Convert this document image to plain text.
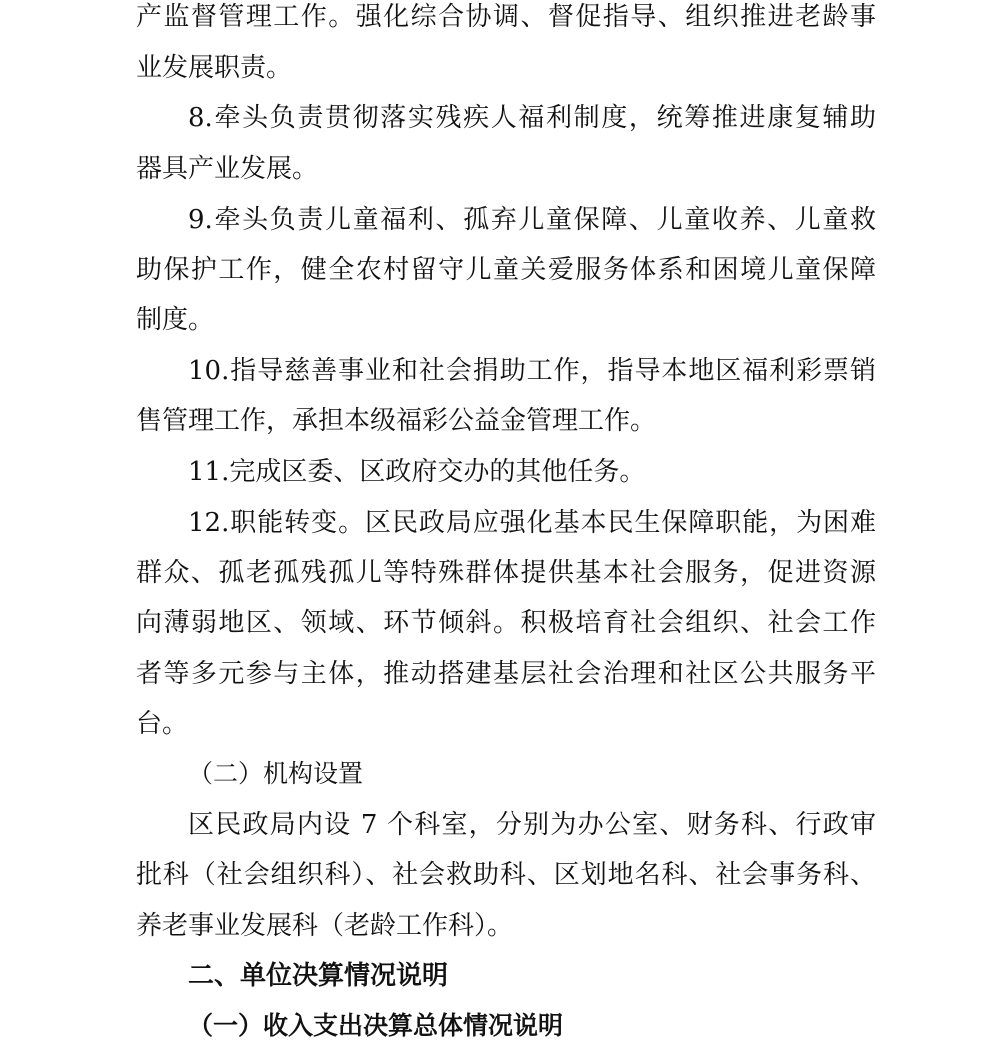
产监督管理工作。强化综合协调、督促指导、组织推进老龄事
业发展职责。
8.牵头负责贯彻落实残疾人福利制度，统筹推进康复辅助
器具产业发展。
9.牵头负责儿童福利、孤弃儿童保障、儿童收养、儿童救
助保护工作，健全农村留守儿童关爱服务体系和困境儿童保障
制度。
10.指导慈善事业和社会捐助工作，指导本地区福利彩票销
售管理工作，承担本级福彩公益金管理工作。
11.完成区委、区政府交办的其他任务。
12.职能转变。区民政局应强化基本民生保障职能，为困难
群众、孤老孤残孤儿等特殊群体提供基本社会服务，促进资源
向薄弱地区、领域、环节倾斜。积极培育社会组织、社会工作
者等多元参与主体，推动搭建基层社会治理和社区公共服务平
台。
（二）机构设置
区民政局内设 7 个科室，分别为办公室、财务科、行政审
批科（社会组织科）、社会救助科、区划地名科、社会事务科、
养老事业发展科（老龄工作科）。
二、单位决算情况说明
（一）收入支出决算总体情况说明
